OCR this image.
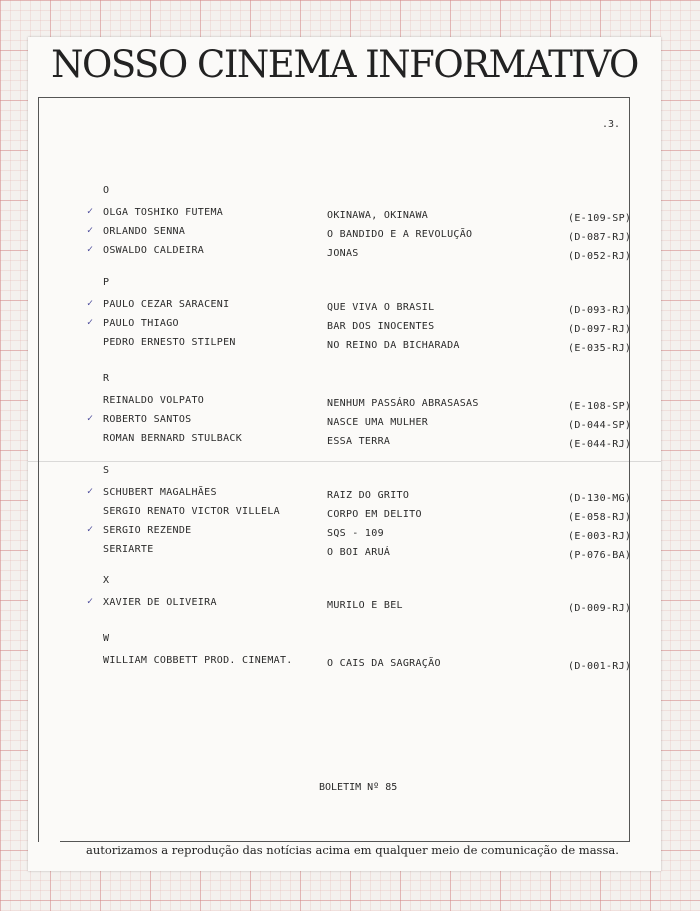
NOSSO CINEMA INFORMATIVO
.3.
O
✓ OLGA TOSHIKO FUTEMA	OKINAWA, OKINAWA	(E-109-SP)
✓ ORLANDO SENNA	O BANDIDO E A REVOLUÇÃO	(D-087-RJ)
✓ OSWALDO CALDEIRA	JONAS	(D-052-RJ)
P
✓ PAULO CEZAR SARACENI	QUE VIVA O BRASIL	(D-093-RJ)
✓ PAULO THIAGO	BAR DOS INOCENTES	(D-097-RJ)
PEDRO ERNESTO STILPEN	NO REINO DA BICHARADA	(E-035-RJ)
R
REINALDO VOLPATO	NENHUM PASSÁRO ABRASASAS	(E-108-SP)
✓ ROBERTO SANTOS	NASCE UMA MULHER	(D-044-SP)
ROMAN BERNARD STULBACK	ESSA TERRA	(E-044-RJ)
S
✓ SCHUBERT MAGALHÃES	RAIZ DO GRITO	(D-130-MG)
SERGIO RENATO VICTOR VILLELA	CORPO EM DELITO	(E-058-RJ)
✓ SERGIO REZENDE	SQS - 109	(E-003-RJ)
SERIARTE	O BOI ARUÁ	(P-076-BA)
X
✓ XAVIER DE OLIVEIRA	MURILO E BEL	(D-009-RJ)
W
WILLIAM COBBETT PROD. CINEMAT.	O CAIS DA SAGRAÇÃO	(D-001-RJ)
BOLETIM Nº 85
autorizamos a reprodução das notícias acima em qualquer meio de comunicação de massa.
